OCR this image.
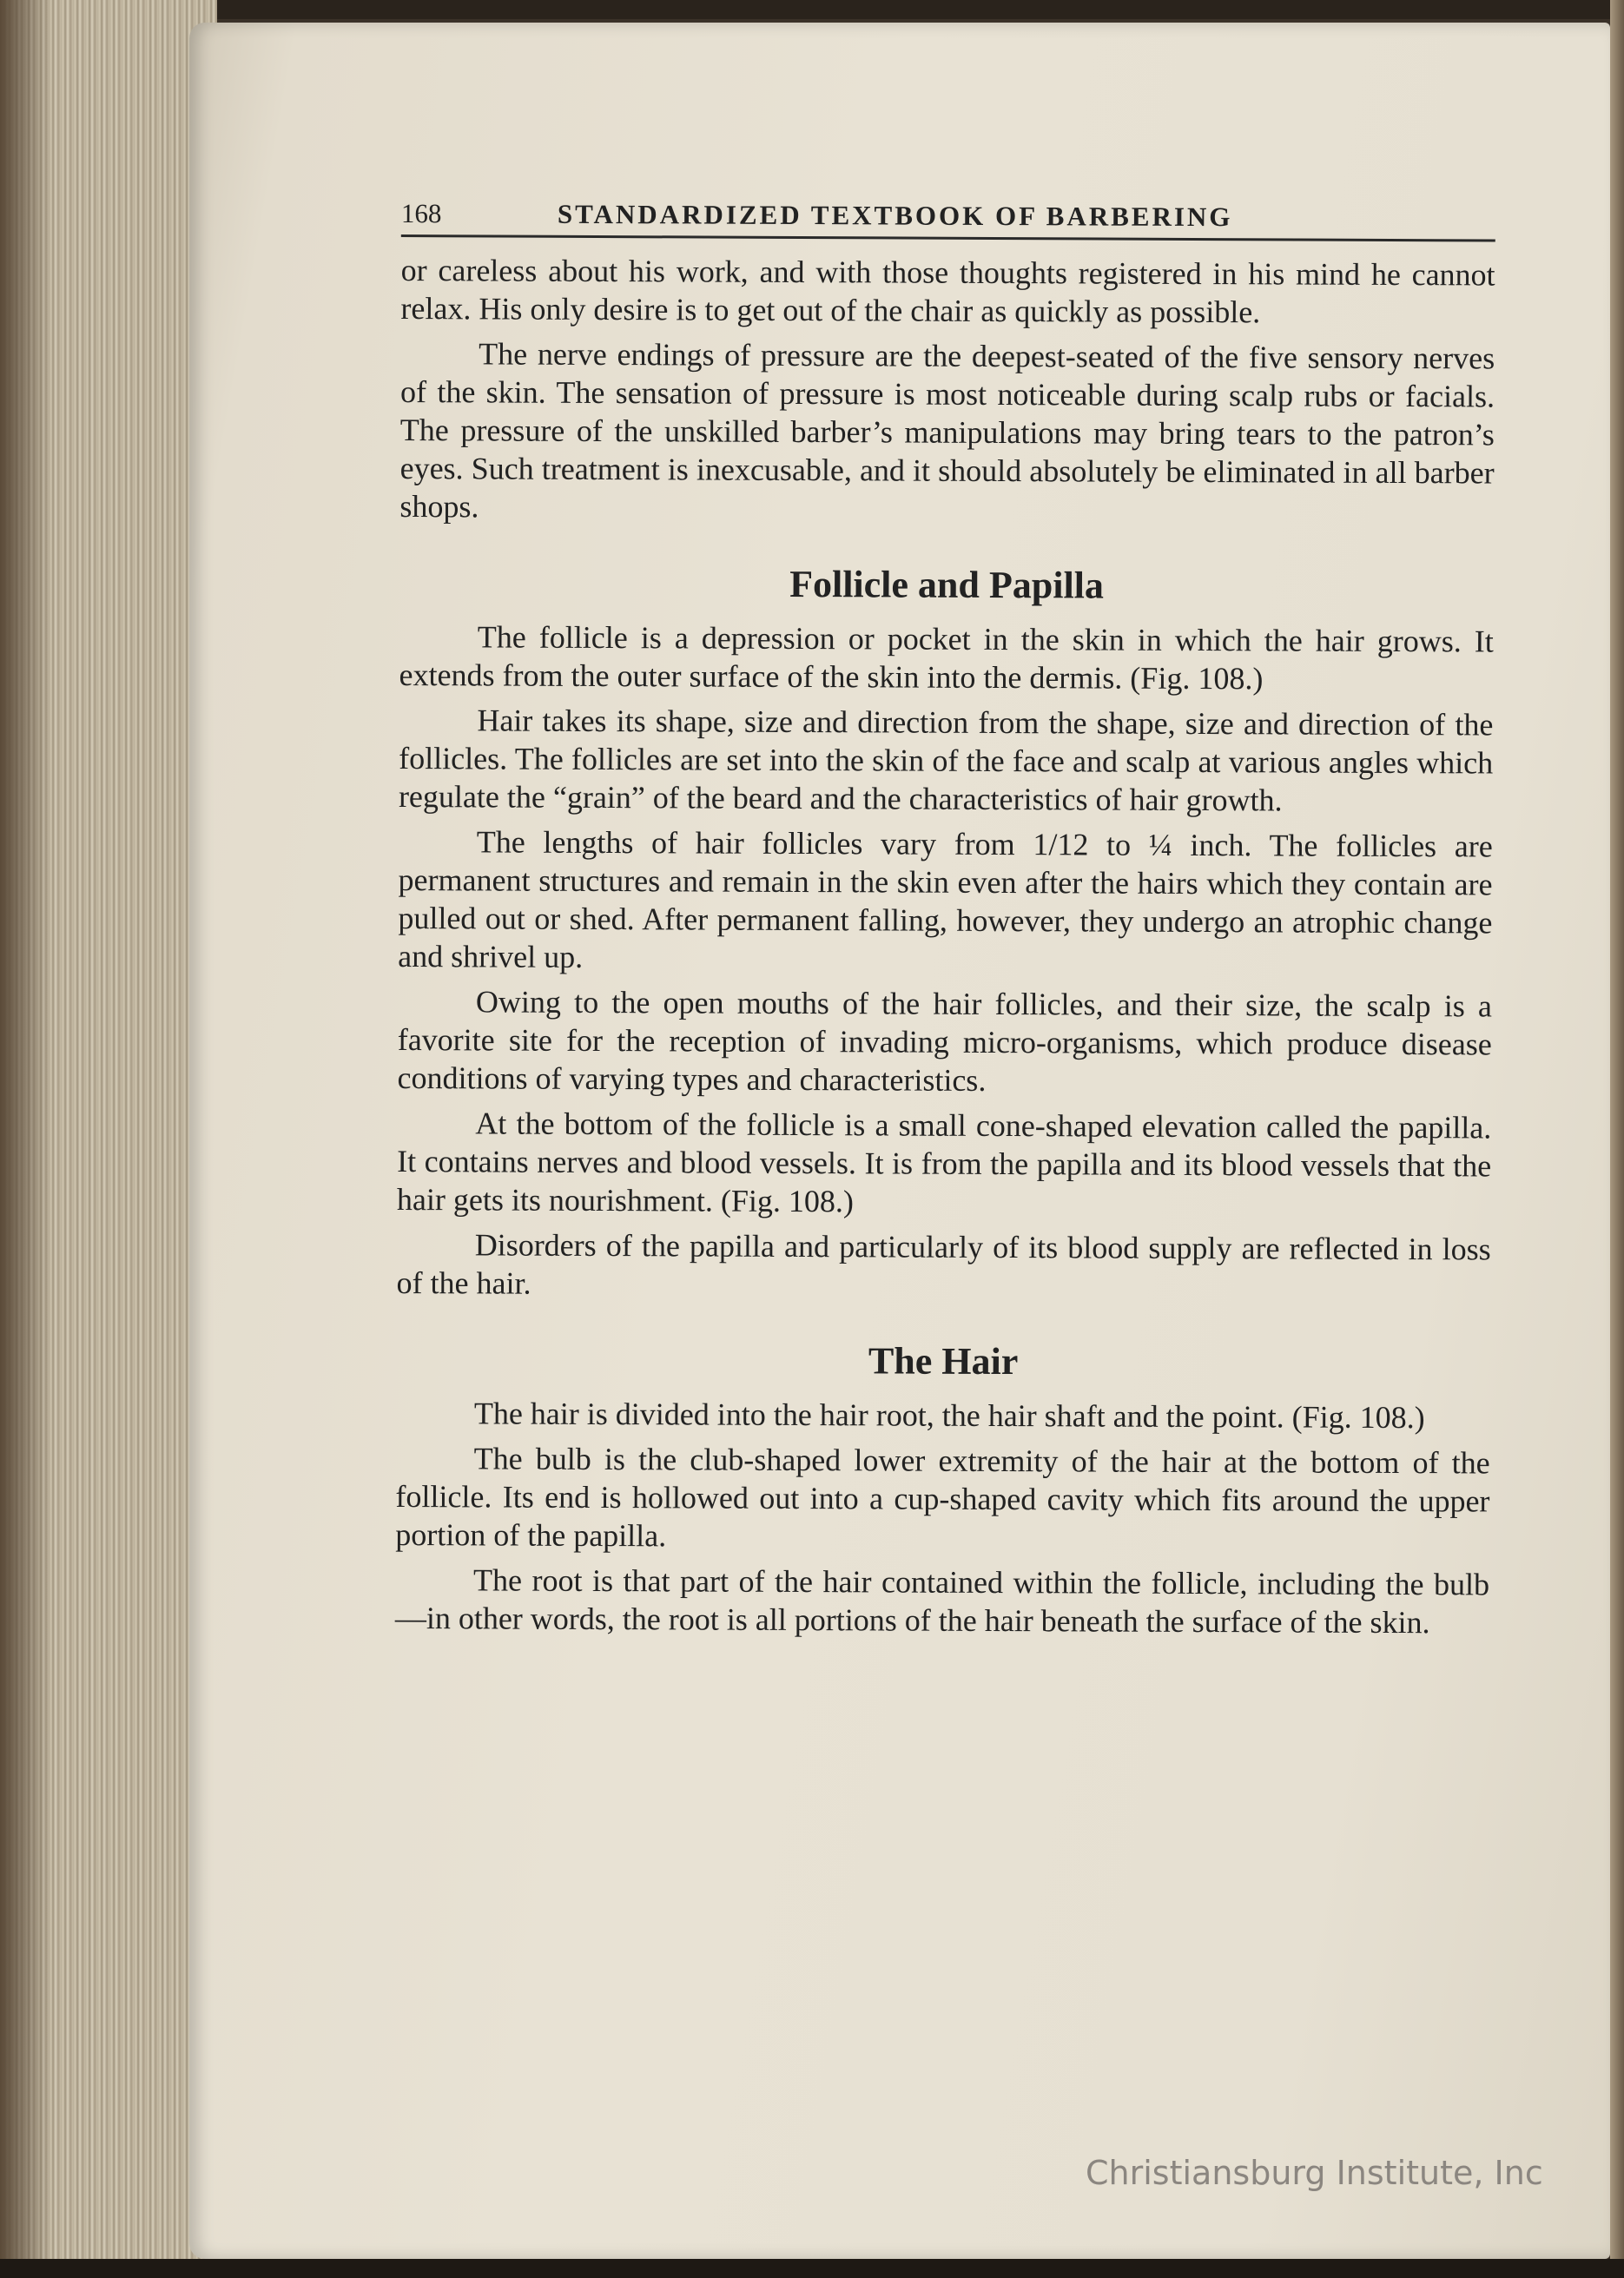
168	STANDARDIZED TEXTBOOK OF BARBERING

or careless about his work, and with those thoughts registered in his mind he cannot relax. His only desire is to get out of the chair as quickly as possible.

The nerve endings of pressure are the deepest-seated of the five sensory nerves of the skin. The sensation of pressure is most noticeable during scalp rubs or facials. The pressure of the unskilled barber’s manipulations may bring tears to the patron’s eyes. Such treatment is inexcusable, and it should absolutely be eliminated in all barber shops.

Follicle and Papilla

The follicle is a depression or pocket in the skin in which the hair grows. It extends from the outer surface of the skin into the dermis. (Fig. 108.)

Hair takes its shape, size and direction from the shape, size and direction of the follicles. The follicles are set into the skin of the face and scalp at various angles which regulate the “grain” of the beard and the characteristics of hair growth.

The lengths of hair follicles vary from 1/12 to ¼ inch. The follicles are permanent structures and remain in the skin even after the hairs which they contain are pulled out or shed. After permanent falling, however, they undergo an atrophic change and shrivel up.

Owing to the open mouths of the hair follicles, and their size, the scalp is a favorite site for the reception of invading micro-organisms, which produce disease conditions of varying types and characteristics.

At the bottom of the follicle is a small cone-shaped elevation called the papilla. It contains nerves and blood vessels. It is from the papilla and its blood vessels that the hair gets its nourishment. (Fig. 108.)

Disorders of the papilla and particularly of its blood supply are reflected in loss of the hair.

The Hair

The hair is divided into the hair root, the hair shaft and the point. (Fig. 108.)

The bulb is the club-shaped lower extremity of the hair at the bottom of the follicle. Its end is hollowed out into a cup-shaped cavity which fits around the upper portion of the papilla.

The root is that part of the hair contained within the follicle, including the bulb—in other words, the root is all portions of the hair beneath the surface of the skin.

Christiansburg Institute, Inc
